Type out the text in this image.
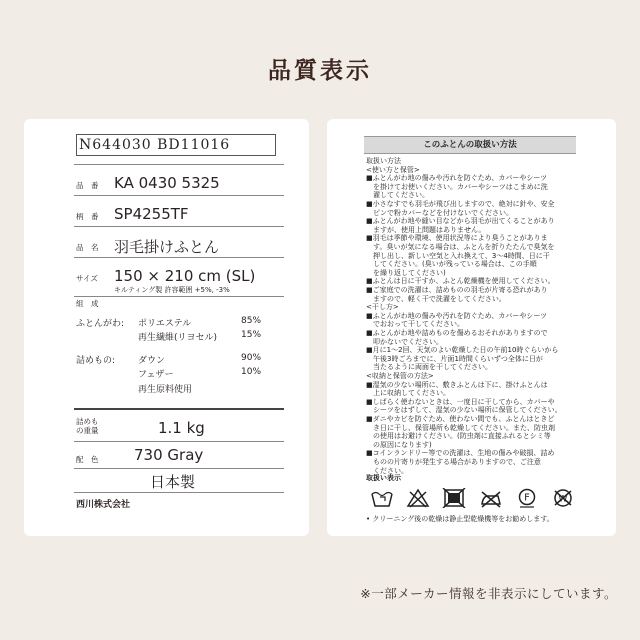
品質表示
N644030 BD11016
品　番 KA 0430 5325
柄　番 SP4255TF
品　名 羽毛掛けふとん
サイズ 150 × 210 cm (SL)
キルティング製 許容範囲 +5%, -3%
組　成
ふとんがわ: ポリエステル	85%
再生繊維(リヨセル)	15%
詰めもの:	ダウン	90%
フェザー	10%
再生原料使用
詰めもの重量	1.1 kg
配　色 730 Gray
日本製
西川株式会社
このふとんの取扱い方法
取扱い方法
<使い方と保管>
■ふとんがわ地の傷みや汚れを防ぐため、カバーやシーツ
　を掛けてお使いください。カバーやシーツはこまめに洗
　濯してください。
■小さなすでも羽毛が飛び出しますので、絶対に針や、安全
　ピンで粉カバーなどを付けないでください。
■ふとんがわ地や縫い目などから羽毛が出てくることがあり
　ますが、使用上問題はありません。
■羽毛は季節や環境、使用状況等により臭うことがありま
　す。臭いが気になる場合は、ふとんを折りたたんで臭気を
　押し出し、新しい空気と入れ換えて、3～4時間、日に干
　してください。(臭いが残っている場合は、この手順
　を繰り返してください)
■ふとんは日に干すか、ふとん乾燥機を使用してください。
■ご家庭での洗濯は、詰めものの羽毛が片寄る恐れがあり
　ますので、軽く干で洗濯をしてください。
<干し方>
■ふとんがわ地の傷みや汚れを防ぐため、カバーやシーツ
　でおおって干してください。
■ふとんがわ地や詰めものを傷めるおそれがありますので
　叩かないでください。
■月に1～2回、天気のよい乾燥した日の午前10時ぐらいから
　午後3時ごろまでに、片面1時間くらいずつ全体に日が
　当たるように両面を干してください。
<収納と保管の方法>
■湿気の少ない場所に、敷きふとんは下に、掛けふとんは
　上に収納してください。
■しばらく使わないときは、一度日に干してから、カバーや
　シーツをはずして、湿気の少ない場所に保管してください。
■ダニやカビを防ぐため、使わない間でも、ふとんはときど
　き日に干し、保管場所も乾燥してください。また、防虫剤
　の使用はお避けください。(防虫剤に直接ふれるとシミ等
　の原因になります)
■コインランドリー等での洗濯は、生地の傷みや破損、詰め
　ものの片寄りが発生する場合がありますので、ご注意
　ください。
取扱い表示
• クリーニング後の乾燥は静止型乾燥機等をお勧めします。
F	W
※一部メーカー情報を非表示にしています。
